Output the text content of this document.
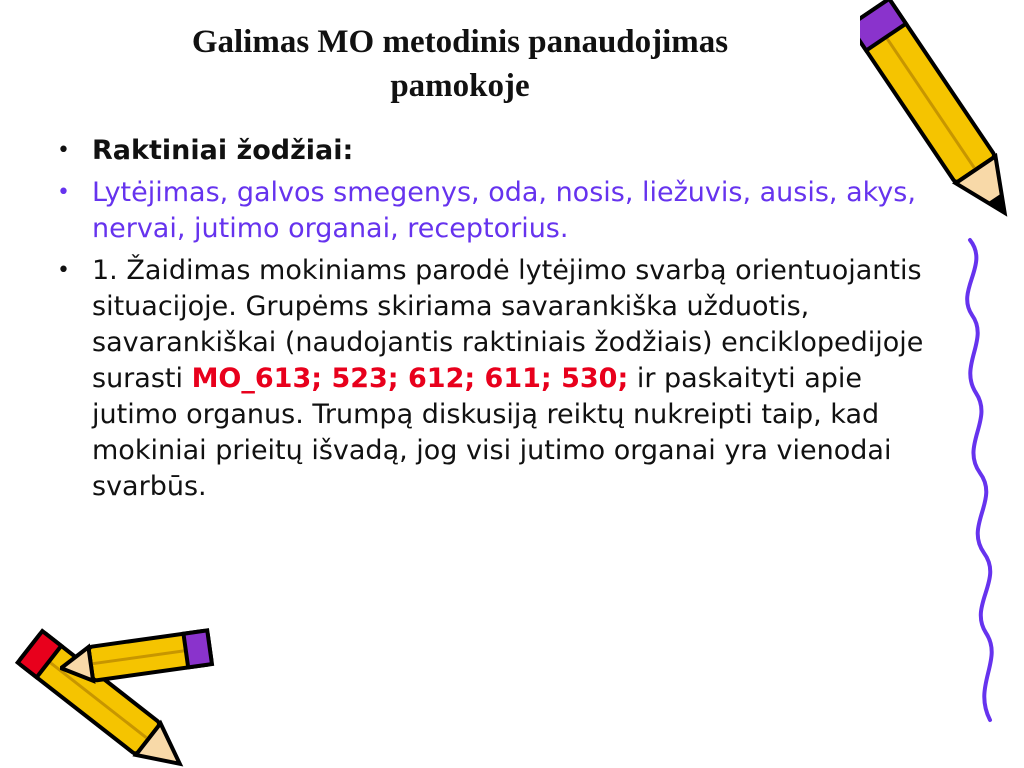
Galimas MO metodinis panaudojimas
pamokoje
• Raktiniai žodžiai:
• Lytėjimas, galvos smegenys, oda, nosis, liežuvis, ausis, akys, nervai, jutimo organai, receptorius.
• 1. Žaidimas mokiniams parodė lytėjimo svarbą orientuojantis situacijoje. Grupėms skiriama savarankiška užduotis, savarankiškai (naudojantis raktiniais žodžiais) enciklopedijoje surasti MO_613; 523; 612; 611; 530; ir paskaityti apie jutimo organus. Trumpą diskusiją reiktų nukreipti taip, kad mokiniai prieitų išvadą, jog visi jutimo organai yra vienodai svarbūs.
